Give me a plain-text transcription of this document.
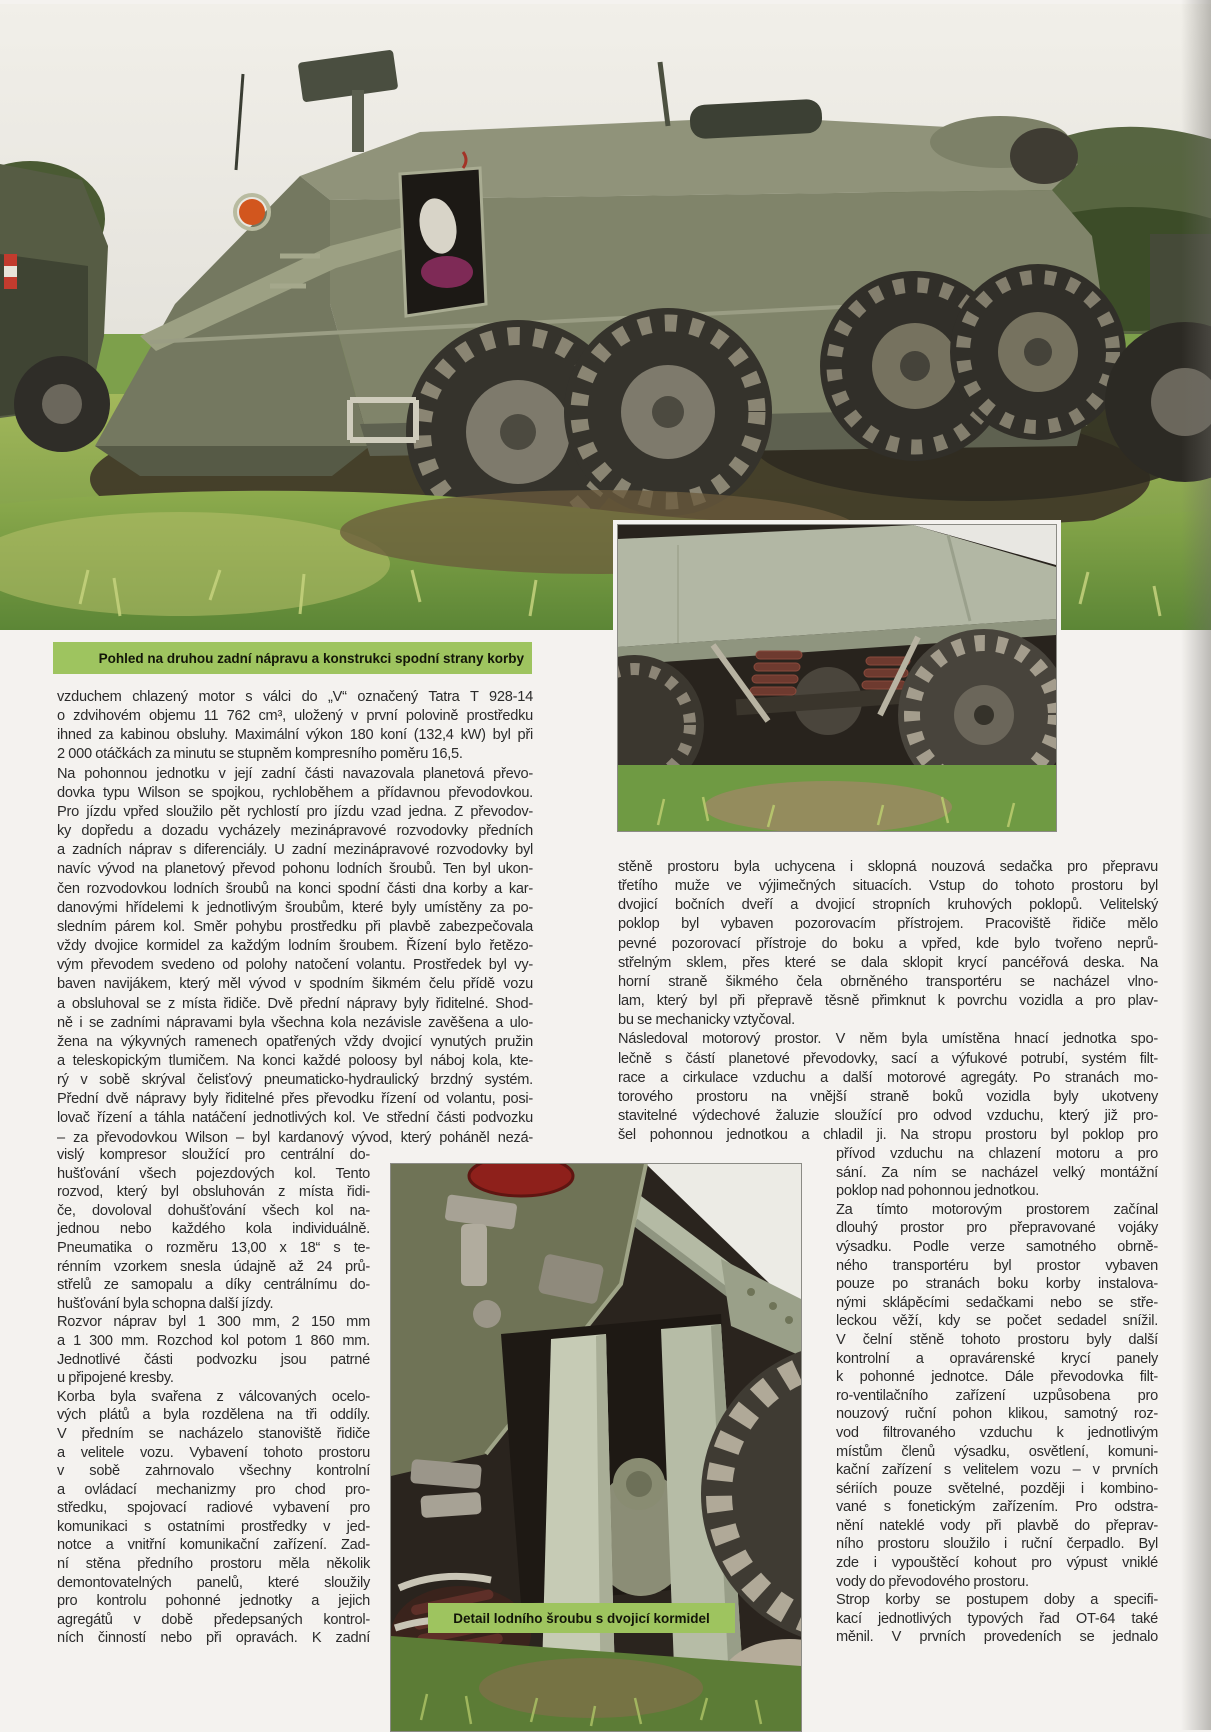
Pohled na druhou zadní nápravu a konstrukci spodní strany korby
vzduchem chlazený motor s válci do „V“ označený Tatra T 928-14
o zdvihovém objemu 11 762 cm³, uložený v první polovině prostředku
ihned za kabinou obsluhy. Maximální výkon 180 koní (132,4 kW) byl při
2 000 otáčkách za minutu se stupněm kompresního poměru 16,5.
Na pohonnou jednotku v její zadní části navazovala planetová převo-
dovka typu Wilson se spojkou, rychloběhem a přídavnou převodovkou.
Pro jízdu vpřed sloužilo pět rychlostí pro jízdu vzad jedna. Z převodov-
ky dopředu a dozadu vycházely mezinápravové rozvodovky předních
a zadních náprav s diferenciály. U zadní mezinápravové rozvodovky byl
navíc vývod na planetový převod pohonu lodních šroubů. Ten byl ukon-
čen rozvodovkou lodních šroubů na konci spodní části dna korby a kar-
danovými hřídelemi k jednotlivým šroubům, které byly umístěny za po-
sledním párem kol. Směr pohybu prostředku při plavbě zabezpečovala
vždy dvojice kormidel za každým lodním šroubem. Řízení bylo řetězo-
vým převodem svedeno od polohy natočení volantu. Prostředek byl vy-
baven navijákem, který měl vývod v spodním šikmém čelu přídě vozu
a obsluhoval se z místa řidiče. Dvě přední nápravy byly řiditelné. Shod-
ně i se zadními nápravami byla všechna kola nezávisle zavěšena a ulo-
žena na výkyvných ramenech opatřených vždy dvojicí vynutých pružin
a teleskopickým tlumičem. Na konci každé poloosy byl náboj kola, kte-
rý v sobě skrýval čelisťový pneumaticko-hydraulický brzdný systém.
Přední dvě nápravy byly řiditelné přes převodku řízení od volantu, posi-
lovač řízení a táhla natáčení jednotlivých kol. Ve střední části podvozku
– za převodovkou Wilson – byl kardanový vývod, který poháněl nezá-
vislý kompresor sloužící pro centrální do-
hušťování všech pojezdových kol. Tento
rozvod, který byl obsluhován z místa řidi-
če, dovoloval dohušťování všech kol na-
jednou nebo každého kola individuálně.
Pneumatika o rozměru 13,00 x 18“ s te-
rénním vzorkem snesla údajně až 24 prů-
střelů ze samopalu a díky centrálnímu do-
hušťování byla schopna další jízdy.
Rozvor náprav byl 1 300 mm, 2 150 mm
a 1 300 mm. Rozchod kol potom 1 860 mm.
Jednotlivé části podvozku jsou patrné
u připojené kresby.
Korba byla svařena z válcovaných ocelo-
vých plátů a byla rozdělena na tři oddíly.
V předním se nacházelo stanoviště řidiče
a velitele vozu. Vybavení tohoto prostoru
v sobě zahrnovalo všechny kontrolní
a ovládací mechanizmy pro chod pro-
středku, spojovací radiové vybavení pro
komunikaci s ostatními prostředky v jed-
notce a vnitřní komunikační zařízení. Zad-
ní stěna předního prostoru měla několik
demontovatelných panelů, které sloužily
pro kontrolu pohonné jednotky a jejich
agregátů v době předepsaných kontrol-
ních činností nebo při opravách. K zadní
stěně prostoru byla uchycena i sklopná nouzová sedačka pro přepravu
třetího muže ve výjimečných situacích. Vstup do tohoto prostoru byl
dvojicí bočních dveří a dvojicí stropních kruhových poklopů. Velitelský
poklop byl vybaven pozorovacím přístrojem. Pracoviště řidiče mělo
pevné pozorovací přístroje do boku a vpřed, kde bylo tvořeno neprů-
střelným sklem, přes které se dala sklopit krycí pancéřová deska. Na
horní straně šikmého čela obrněného transportéru se nacházel vlno-
lam, který byl při přepravě těsně přimknut k povrchu vozidla a pro plav-
bu se mechanicky vztyčoval.
Následoval motorový prostor. V něm byla umístěna hnací jednotka spo-
lečně s částí planetové převodovky, sací a výfukové potrubí, systém filt-
race a cirkulace vzduchu a další motorové agregáty. Po stranách mo-
torového prostoru na vnější straně boků vozidla byly ukotveny
stavitelné výdechové žaluzie sloužící pro odvod vzduchu, který již pro-
šel pohonnou jednotkou a chladil ji. Na stropu prostoru byl poklop pro
přívod vzduchu na chlazení motoru a pro
sání. Za ním se nacházel velký montážní
poklop nad pohonnou jednotkou.
Za tímto motorovým prostorem začínal
dlouhý prostor pro přepravované vojáky
výsadku. Podle verze samotného obrně-
ného transportéru byl prostor vybaven
pouze po stranách boku korby instalova-
nými sklápěcími sedačkami nebo se stře-
leckou věží, kdy se počet sedadel snížil.
V čelní stěně tohoto prostoru byly další
kontrolní a opravárenské krycí panely
k pohonné jednotce. Dále převodovka filt-
ro-ventilačního zařízení uzpůsobena pro
nouzový ruční pohon klikou, samotný roz-
vod filtrovaného vzduchu k jednotlivým
místům členů výsadku, osvětlení, komuni-
kační zařízení s velitelem vozu – v prvních
sériích pouze světelné, později i kombino-
vané s fonetickým zařízením. Pro odstra-
nění nateklé vody při plavbě do přeprav-
ního prostoru sloužilo i ruční čerpadlo. Byl
zde i vypouštěcí kohout pro výpust vniklé
vody do převodového prostoru.
Strop korby se postupem doby a specifi-
kací jednotlivých typových řad OT-64 také
měnil. V prvních provedeních se jednalo
Detail lodního šroubu s dvojicí kormidel
